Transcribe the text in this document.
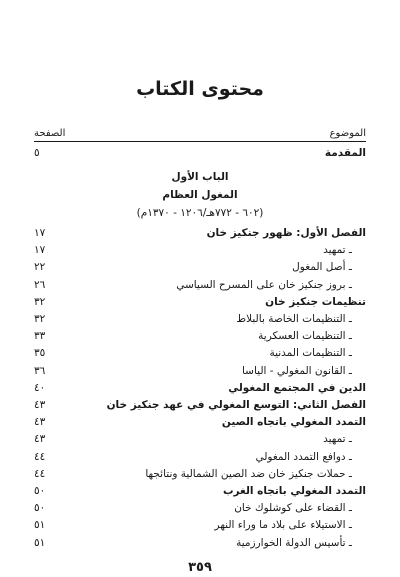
محتوى الكتاب
الموضوع
الصفحة
المقدمة
٥
الباب الأول
المغول العظام
(٦٠٢ - ٧٧٢هـ/١٢٠٦ - ١٣٧٠م)
الفصل الأول: ظهور جنكيز خان
١٧
ـ تمهيد
١٧
ـ أصل المغول
٢٢
ـ بروز جنكيز خان على المسرح السياسي
٢٦
تنظيمات جنكيز خان
٣٢
ـ التنظيمات الخاصة بالبلاط
٣٢
ـ التنظيمات العسكرية
٣٣
ـ التنظيمات المدنية
٣٥
ـ القانون المغولي - الياسا
٣٦
الدين في المجتمع المغولي
٤٠
الفصل الثاني: التوسع المغولي في عهد جنكيز خان
٤٣
التمدد المغولي باتجاه الصين
٤٣
ـ تمهيد
٤٣
ـ دوافع التمدد المغولي
٤٤
ـ حملات جنكيز خان ضد الصين الشمالية ونتائجها
٤٤
التمدد المغولي باتجاه الغرب
٥٠
ـ القضاء على كوشلوك خان
٥٠
ـ الاستيلاء على بلاد ما وراء النهر
٥١
ـ تأسيس الدولة الخوارزمية
٥١
٣٥٩
